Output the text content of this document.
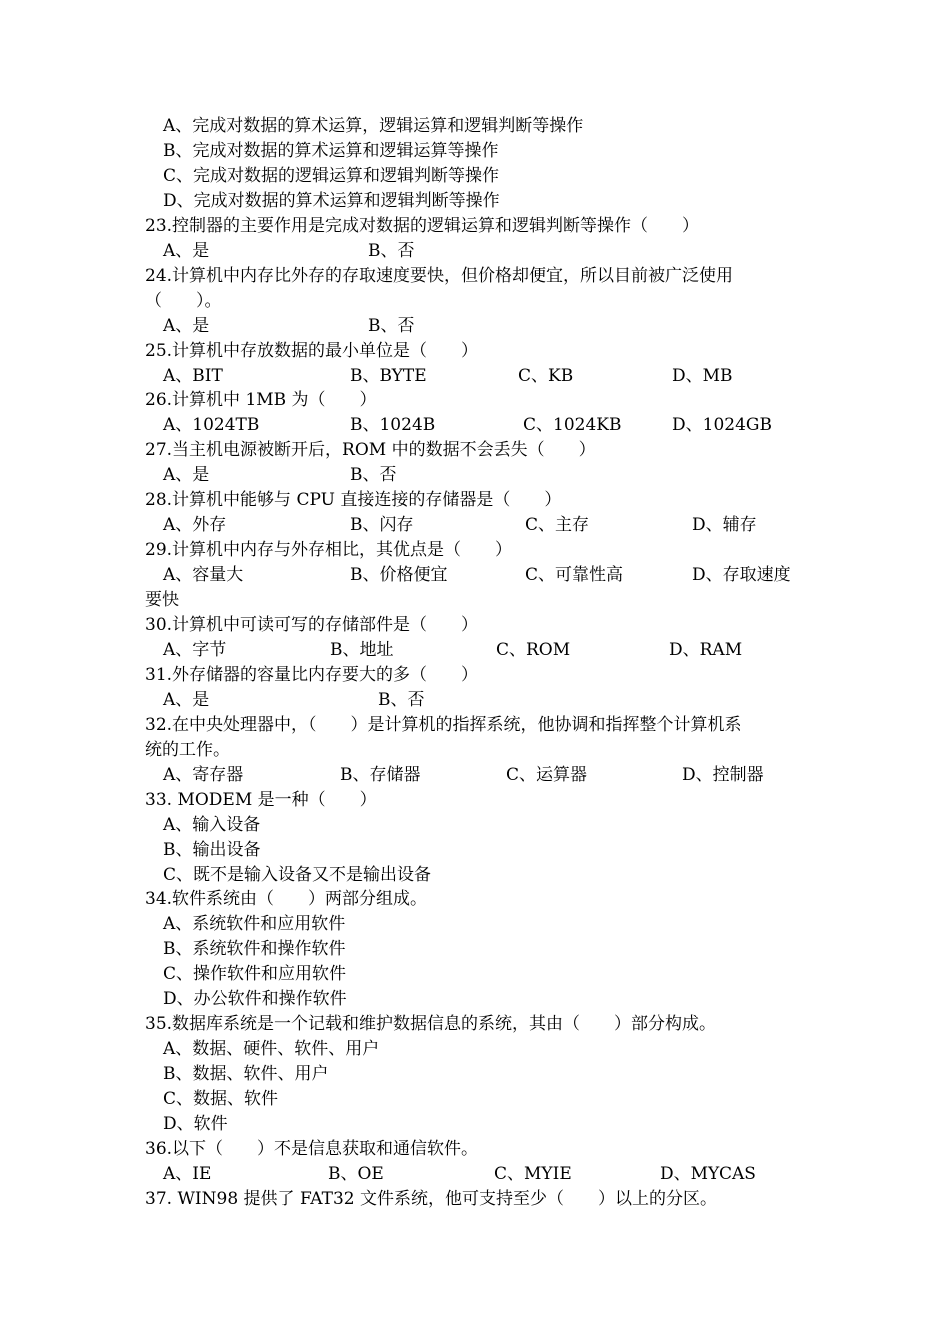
A、完成对数据的算术运算，逻辑运算和逻辑判断等操作
B、完成对数据的算术运算和逻辑运算等操作
C、完成对数据的逻辑运算和逻辑判断等操作
D、完成对数据的算术运算和逻辑判断等操作
23.控制器的主要作用是完成对数据的逻辑运算和逻辑判断等操作（　　）
A、是	B、否
24.计算机中内存比外存的存取速度要快，但价格却便宜，所以目前被广泛使用
（　　）。
A、是	B、否
25.计算机中存放数据的最小单位是（　　）
A、BIT	B、BYTE	C、KB	D、MB
26.计算机中 1MB 为（　　）
A、1024TB	B、1024B	C、1024KB	D、1024GB
27.当主机电源被断开后，ROM 中的数据不会丢失（　　）
A、是	B、否
28.计算机中能够与 CPU 直接连接的存储器是（　　）
A、外存	B、闪存	C、主存	D、辅存
29.计算机中内存与外存相比，其优点是（　　）
A、容量大	B、价格便宜	C、可靠性高	D、存取速度
要快
30.计算机中可读可写的存储部件是（　　）
A、字节	B、地址	C、ROM	D、RAM
31.外存储器的容量比内存要大的多（　　）
A、是	B、否
32.在中央处理器中，（　　）是计算机的指挥系统，他协调和指挥整个计算机系
统的工作。
A、寄存器	B、存储器	C、运算器	D、控制器
33. MODEM 是一种（　　）
A、输入设备
B、输出设备
C、既不是输入设备又不是输出设备
34.软件系统由（　　）两部分组成。
A、系统软件和应用软件
B、系统软件和操作软件
C、操作软件和应用软件
D、办公软件和操作软件
35.数据库系统是一个记载和维护数据信息的系统，其由（　　）部分构成。
A、数据、硬件、软件、用户
B、数据、软件、用户
C、数据、软件
D、软件
36.以下（　　）不是信息获取和通信软件。
A、IE	B、OE	C、MYIE	D、MYCAS
37. WIN98 提供了 FAT32 文件系统，他可支持至少（　　）以上的分区。
